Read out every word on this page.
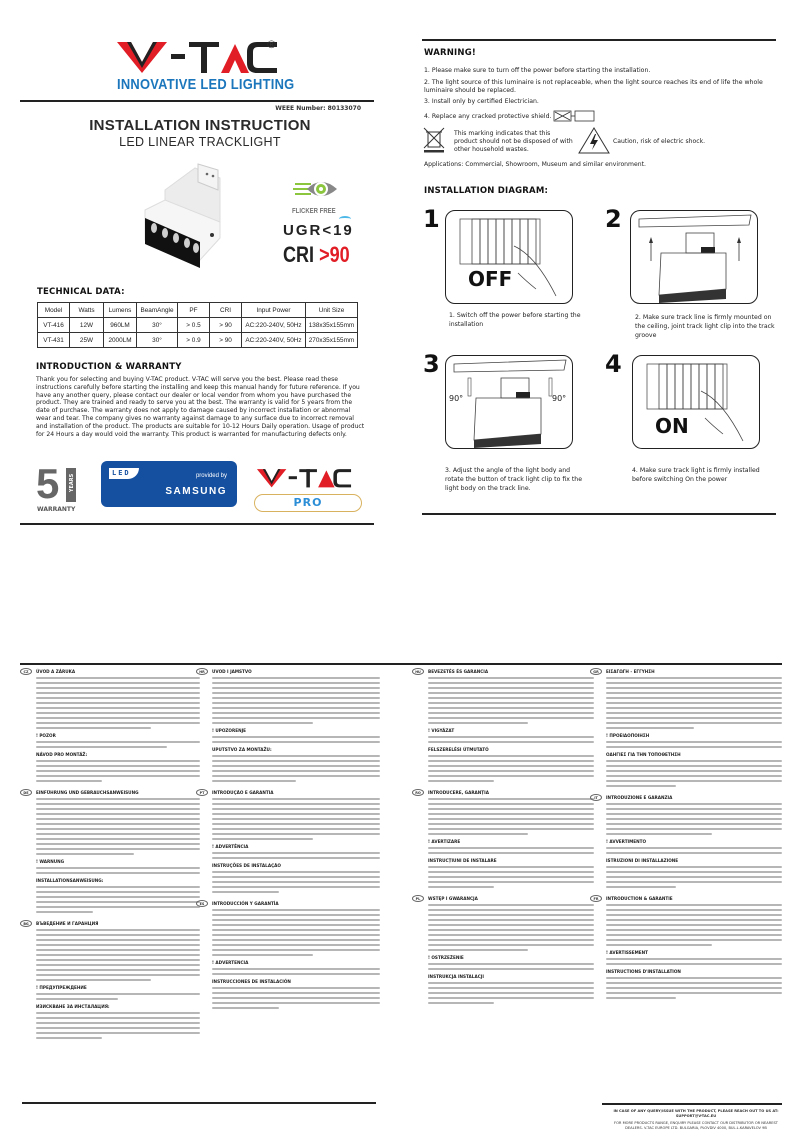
®
INNOVATIVE LED LIGHTING
WEEE Number: 80133070
INSTALLATION INSTRUCTION
LED LINEAR TRACKLIGHT
FLICKER FREE
UGR<19
CRI >90
TECHNICAL DATA:
Model	Watts	Lumens	BeamAngle	PF	CRI	Input Power	Unit Size
VT-416	12W	960LM	30°	> 0.5	> 90	AC:220-240V, 50Hz	138x35x155mm
VT-431	25W	2000LM	30°	> 0.9	> 90	AC:220-240V, 50Hz	270x35x155mm
INTRODUCTION & WARRANTY
Thank you for selecting and buying V-TAC product. V-TAC will serve you the best. Please read these instructions carefully before starting the installing and keep this manual handy for future reference. If you have any another query, please contact our dealer or local vendor from whom you have purchased the product. They are trained and ready to serve you at the best. The warranty is valid for 5 years from the date of purchase. The warranty does not apply to damage caused by incorrect installation or abnormal wear and tear. The company gives no warranty against damage to any surface due to incorrect removal and installation of the product. The products are suitable for 10-12 Hours Daily operation. Usage of product for 24 Hours a day would void the warranty. This product is warranted for manufacturing defects only.
5 YEARS
WARRANTY
LED	provided by
SAMSUNG
PRO
WARNING!

1. Please make sure to turn off the power before starting the installation.

2. The light source of this luminaire is not replaceable, when the light source reaches its end of life the whole luminaire should be replaced.

3. Install only by certified Electrician.

4. Replace any cracked protective shield.

This marking indicates that this product should not be disposed of with other household wastes.
Caution, risk of electric shock.
Applications: Commercial, Showroom, Museum and similar environment.
INSTALLATION DIAGRAM:
1
OFF
1. Switch off the power before starting the installation
2
2. Make sure track line is firmly mounted on the ceiling, joint track light clip into the track groove
3
90°	90°
3. Adjust the angle of the light body and rotate the button of track light clip to fix the light body on the track line.
4
ON
4. Make sure track light is firmly installed before switching On the power
CZ	ÚVOD A ZÁRUKA
! POZOR
NÁVOD PRO MONTÁŽ:
DE	EINFÜHRUNG UND GEBRAUCHSANWEISUNG
! WARNUNG
INSTALLATIONSANWEISUNG:
BG	ВЪВЕДЕНИЕ И ГАРАНЦИЯ
! ПРЕДУПРЕЖДЕНИЕ
ИЗИСКВАНЕ ЗА ИНСТАЛАЦИЯ:
HR	UVOD I JAMSTVO
! UPOZORENJE
UPUTSTVO ZA MONTAŽU:
PT	INTRODUÇÃO E GARANTIA
! ADVERTÊNCIA
INSTRUÇÕES DE INSTALAÇÃO
ES	INTRODUCCIÓN Y GARANTÍA
! ADVERTENCIA
INSTRUCCIONES DE INSTALACIÓN
HU	BEVEZETÉS ÉS GARANCIA
! VIGYÁZAT
FELSZERELÉSI ÚTMUTATÓ
RO	INTRODUCERE, GARANȚIA
! AVERTIZARE
INSTRUCȚIUNI DE INSTALARE
PL	WSTĘP I GWARANCJA
! OSTRZEŻENIE
INSTRUKCJA INSTALACJI
GR	ΕΙΣΑΓΩΓΗ - ΕΓΓΥΗΣΗ
! ΠΡΟΕΙΔΟΠΟΙΗΣΗ
ΟΔΗΓΙΕΣ ΓΙΑ ΤΗΝ ΤΟΠΟΘΕΤΗΣΗ
IT	INTRODUZIONE E GARANZIA
! AVVERTIMENTO
ISTRUZIONI DI INSTALLAZIONE
FR	INTRODUCTION & GARANTIE
! AVERTISSEMENT
INSTRUCTIONS D'INSTALLATION
IN CASE OF ANY QUERY/ISSUE WITH THE PRODUCT, PLEASE REACH OUT TO US AT: SUPPORT@V-TAC.EU
FOR MORE PRODUCTS RANGE, ENQUIRY PLEASE CONTACT OUR DISTRIBUTOR OR NEAREST DEALERS. V-TAC EUROPE LTD. BULGARIA, PLOVDIV 4000, BUL.L.KARAVELOV 9B
